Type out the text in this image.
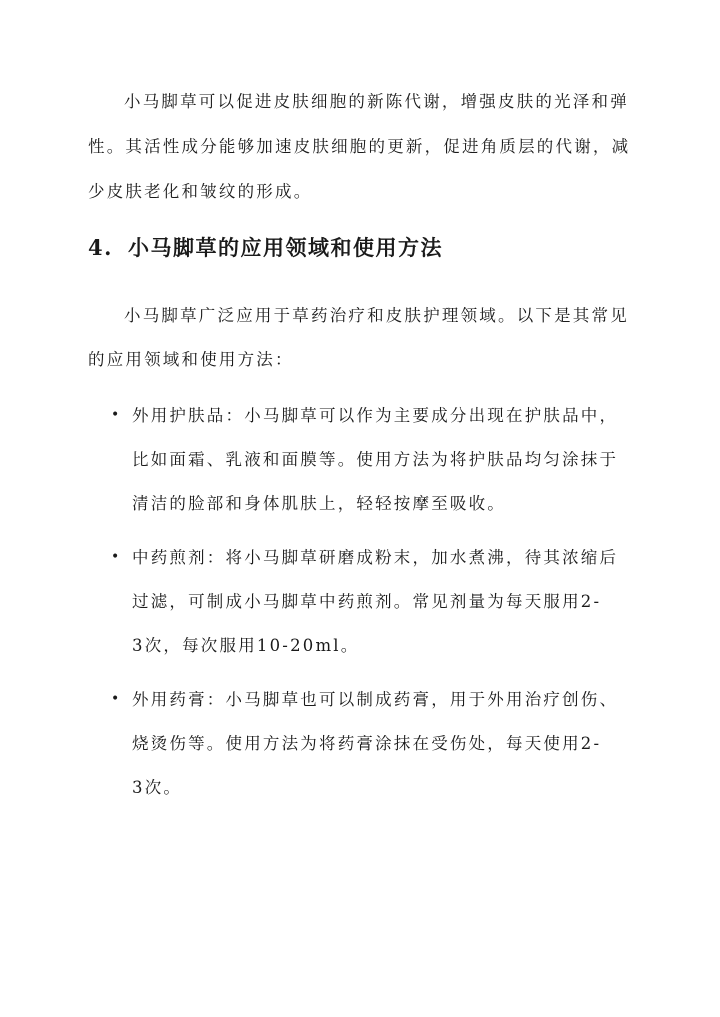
小马脚草可以促进皮肤细胞的新陈代谢，增强皮肤的光泽和弹
性。其活性成分能够加速皮肤细胞的更新，促进角质层的代谢，减
少皮肤老化和皱纹的形成。
4. 小马脚草的应用领域和使用方法
小马脚草广泛应用于草药治疗和皮肤护理领域。以下是其常见
的应用领域和使用方法：
• 外用护肤品：小马脚草可以作为主要成分出现在护肤品中，
比如面霜、乳液和面膜等。使用方法为将护肤品均匀涂抹于
清洁的脸部和身体肌肤上，轻轻按摩至吸收。
• 中药煎剂：将小马脚草研磨成粉末，加水煮沸，待其浓缩后
过滤，可制成小马脚草中药煎剂。常见剂量为每天服用2-
3次，每次服用10-20ml。
• 外用药膏：小马脚草也可以制成药膏，用于外用治疗创伤、
烧烫伤等。使用方法为将药膏涂抹在受伤处，每天使用2-
3次。
